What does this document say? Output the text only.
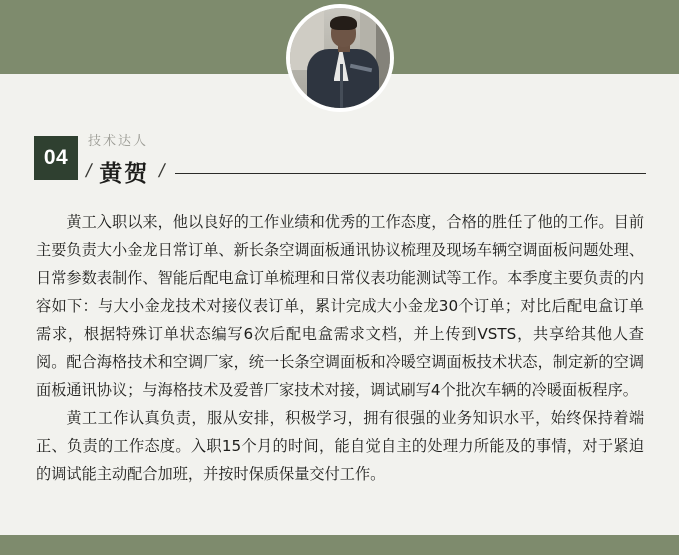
04
技术达人
/ 黄贺 /

黄工入职以来，他以良好的工作业绩和优秀的工作态度，合格的胜任了他的工作。目前主要负责大小金龙日常订单、新长条空调面板通讯协议梳理及现场车辆空调面板问题处理、日常参数表制作、智能后配电盒订单梳理和日常仪表功能测试等工作。本季度主要负责的内容如下：与大小金龙技术对接仪表订单，累计完成大小金龙30个订单；对比后配电盒订单需求，根据特殊订单状态编写6次后配电盒需求文档，并上传到VSTS，共享给其他人查阅。配合海格技术和空调厂家，统一长条空调面板和冷暖空调面板技术状态，制定新的空调面板通讯协议；与海格技术及爱普厂家技术对接，调试刷写4个批次车辆的冷暖面板程序。

黄工工作认真负责，服从安排，积极学习，拥有很强的业务知识水平，始终保持着端正、负责的工作态度。入职15个月的时间，能自觉自主的处理力所能及的事情，对于紧迫的调试能主动配合加班，并按时保质保量交付工作。
